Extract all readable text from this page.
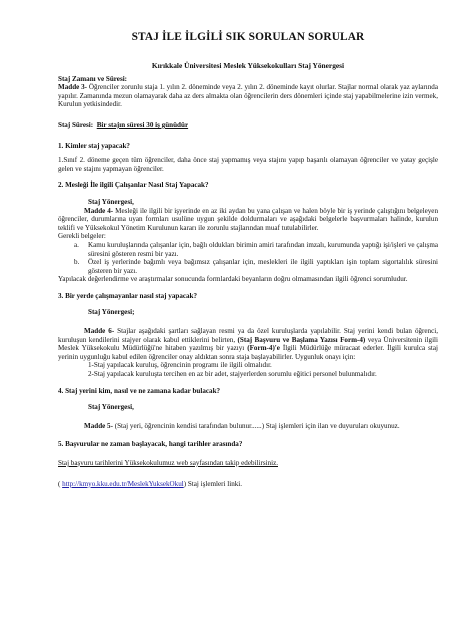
STAJ İLE İLGİLİ SIK SORULAN SORULAR
Kırıkkale Üniversitesi Meslek Yüksekokulları Staj Yönergesi

Staj Zamanı ve Süresi:

Madde 3- Öğrenciler zorunlu staja 1. yılın 2. döneminde veya 2. yılın 2. döneminde kayıt olurlar. Stajlar normal olarak yaz aylarında yapılır. Zamanında mezun olamayarak daha az ders almakta olan öğrencilerin ders dönemleri içinde staj yapabilmelerine izin vermek, Kurulun yetkisindedir.

Staj Süresi: Bir stajın süresi 30 iş günüdür

1. Kimler staj yapacak?

1.Sınıf 2. döneme geçen tüm öğrenciler, daha önce staj yapmamış veya stajını yapıp başarılı olamayan öğrenciler ve yatay geçişle gelen ve stajını yapmayan öğrenciler.

2. Mesleği İle ilgili Çalışanlar Nasıl Staj Yapacak?

Staj Yönergesi,

Madde 4- Mesleği ile ilgili bir işyerinde en az iki aydan bu yana çalışan ve halen böyle bir iş yerinde çalıştığını belgeleyen öğrenciler, durumlarına uyan formları usulüne uygun şekilde doldurmaları ve aşağıdaki belgelerle başvurmaları halinde, kurulun teklifi ve Yüksekokul Yönetim Kurulunun kararı ile zorunlu stajlarından muaf tutulabilirler.

Gerekli belgeler:

a.	Kamu kuruluşlarında çalışanlar için, bağlı oldukları birimin amiri tarafından imzalı, kurumunda yaptığı işi/işleri ve çalışma süresini gösteren resmi bir yazı.
b.	Özel iş yerlerinde bağımlı veya bağımsız çalışanlar için, meslekleri ile ilgili yaptıkları işin toplam sigortalılık süresini gösteren bir yazı.

Yapılacak değerlendirme ve araştırmalar sonucunda formlardaki beyanların doğru olmamasından ilgili öğrenci sorumludur.

3. Bir yerde çalışmayanlar nasıl staj yapacak?

Staj Yönergesi;

Madde 6- Stajlar aşağıdaki şartları sağlayan resmi ya da özel kuruluşlarda yapılabilir. Staj yerini kendi bulan öğrenci, kuruluşun kendilerini stajyer olarak kabul ettiklerini belirten, (Staj Başvuru ve Başlama Yazısı Form-4) veya Üniversitenin ilgili Meslek Yüksekokulu Müdürlüğü'ne hitaben yazılmış bir yazıyı (Form-4)'e İlgili Müdürlüğe müracaat ederler. İlgili kurulca staj yerinin uygunluğu kabul edilen öğrenciler onay aldıktan sonra staja başlayabilirler. Uygunluk onayı için:

1-Staj yapılacak kuruluş, öğrencinin programı ile ilgili olmalıdır.

2-Staj yapılacak kuruluşta tercihen en az bir adet, stajyerlerden sorumlu eğitici personel bulunmalıdır.

4. Staj yerini kim, nasıl ve ne zamana kadar bulacak?

Staj Yönergesi,

Madde 5- (Staj yeri, öğrencinin kendisi tarafından bulunur......) Staj işlemleri için ilan ve duyuruları okuyunuz.

5. Başvurular ne zaman başlayacak, hangi tarihler arasında?

Staj başvuru tarihlerini Yüksekokulumuz web sayfasından takip edebilirsiniz.

( http://kmyo.kku.edu.tr/MeslekYuksekOkul) Staj işlemleri linki.
